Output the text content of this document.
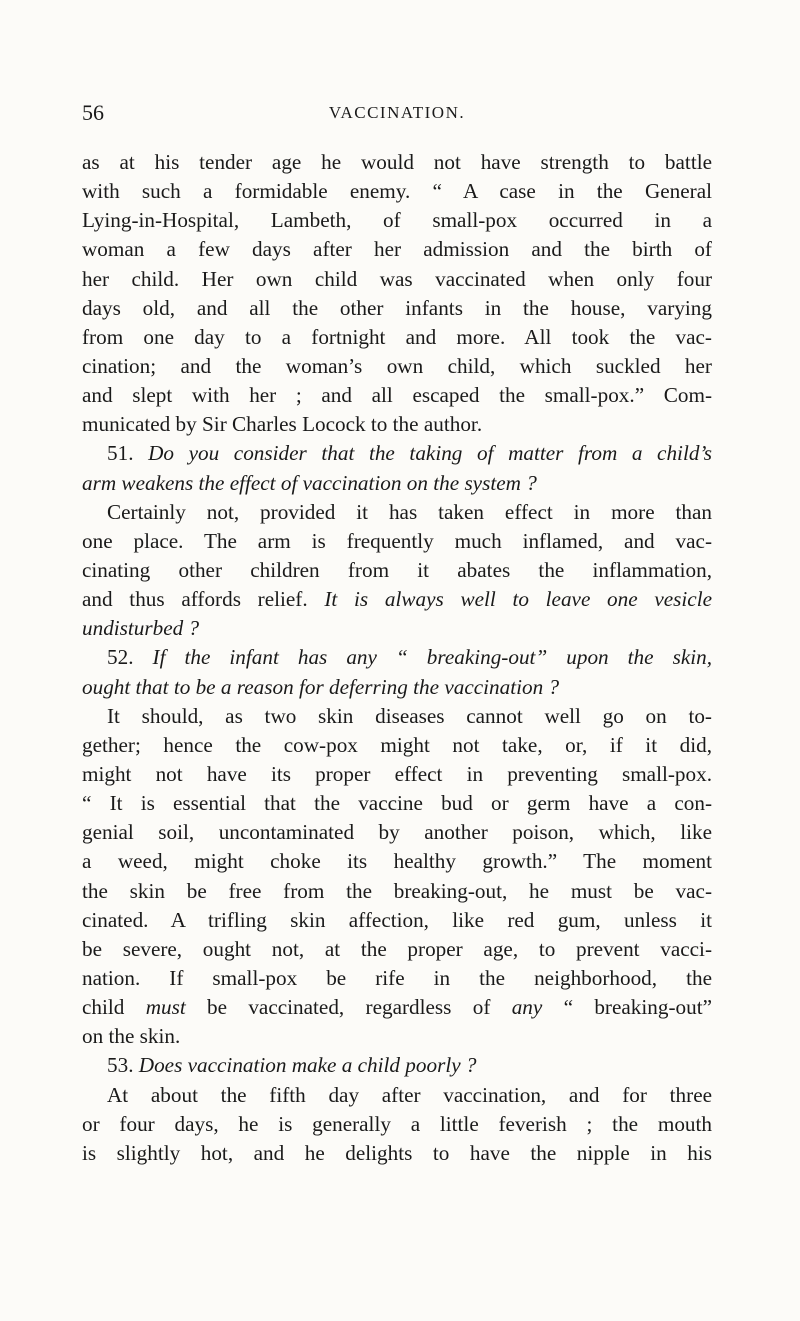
56	VACCINATION.
as at his tender age he would not have strength to battle
with such a formidable enemy. “ A case in the General
Lying-in-Hospital, Lambeth, of small-pox occurred in a
woman a few days after her admission and the birth of
her child. Her own child was vaccinated when only four
days old, and all the other infants in the house, varying
from one day to a fortnight and more. All took the vac-
cination; and the woman’s own child, which suckled her
and slept with her ; and all escaped the small-pox.” Com-
municated by Sir Charles Locock to the author.
51. Do you consider that the taking of matter from a child’s
arm weakens the effect of vaccination on the system ?
Certainly not, provided it has taken effect in more than
one place. The arm is frequently much inflamed, and vac-
cinating other children from it abates the inflammation,
and thus affords relief. It is always well to leave one vesicle
undisturbed ?
52. If the infant has any “ breaking-out” upon the skin,
ought that to be a reason for deferring the vaccination ?
It should, as two skin diseases cannot well go on to-
gether; hence the cow-pox might not take, or, if it did,
might not have its proper effect in preventing small-pox.
“ It is essential that the vaccine bud or germ have a con-
genial soil, uncontaminated by another poison, which, like
a weed, might choke its healthy growth.” The moment
the skin be free from the breaking-out, he must be vac-
cinated. A trifling skin affection, like red gum, unless it
be severe, ought not, at the proper age, to prevent vacci-
nation. If small-pox be rife in the neighborhood, the
child must be vaccinated, regardless of any “ breaking-out”
on the skin.
53. Does vaccination make a child poorly ?
At about the fifth day after vaccination, and for three
or four days, he is generally a little feverish ; the mouth
is slightly hot, and he delights to have the nipple in his
